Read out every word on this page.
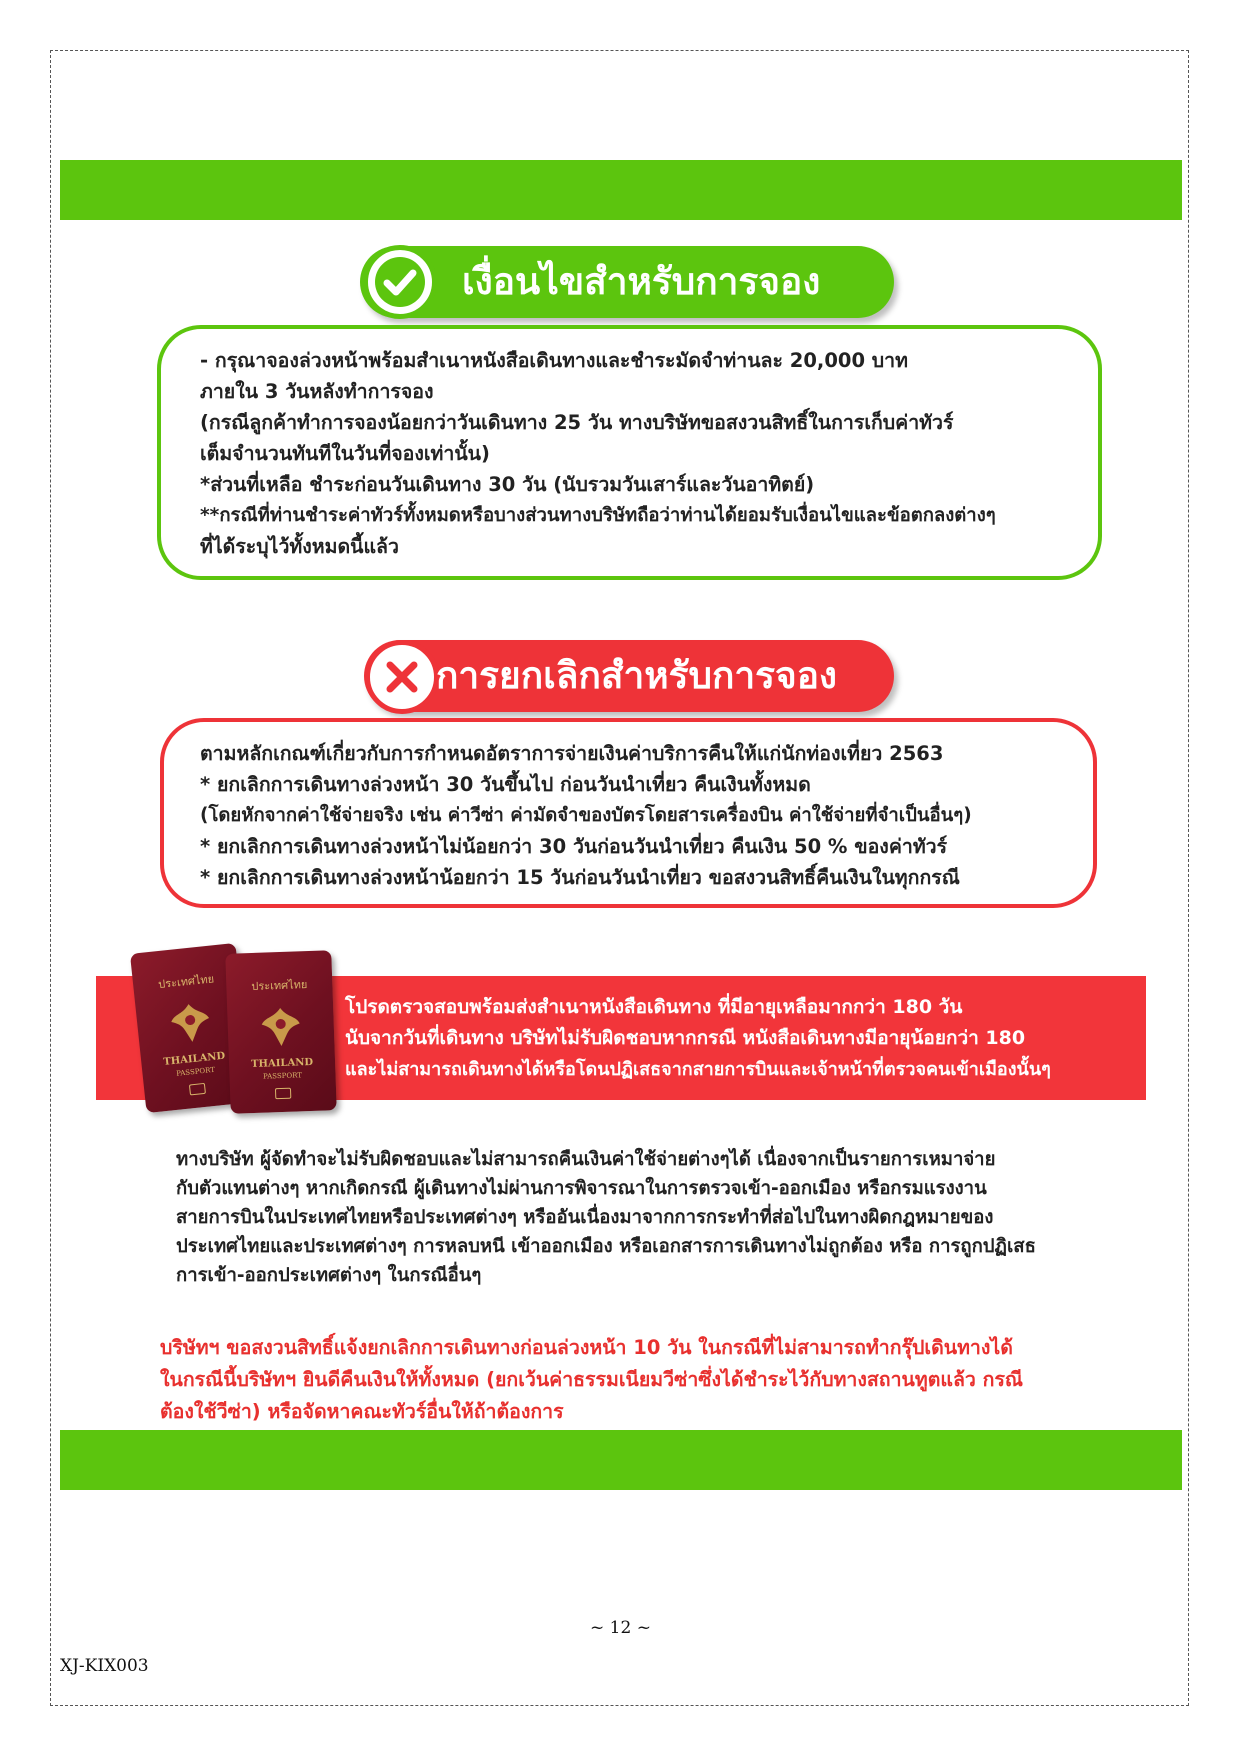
เงื่อนไขสำหรับการจอง
- กรุณาจองล่วงหน้าพร้อมสำเนาหนังสือเดินทางและชำระมัดจำท่านละ 20,000 บาท
ภายใน 3 วันหลังทำการจอง
(กรณีลูกค้าทำการจองน้อยกว่าวันเดินทาง 25 วัน ทางบริษัทขอสงวนสิทธิ์ในการเก็บค่าทัวร์
เต็มจำนวนทันทีในวันที่จองเท่านั้น)
*ส่วนที่เหลือ ชำระก่อนวันเดินทาง 30 วัน (นับรวมวันเสาร์และวันอาทิตย์)
**กรณีที่ท่านชำระค่าทัวร์ทั้งหมดหรือบางส่วนทางบริษัทถือว่าท่านได้ยอมรับเงื่อนไขและข้อตกลงต่างๆ
ที่ได้ระบุไว้ทั้งหมดนี้แล้ว
การยกเลิกสำหรับการจอง
ตามหลักเกณฑ์เกี่ยวกับการกำหนดอัตราการจ่ายเงินค่าบริการคืนให้แก่นักท่องเที่ยว 2563
* ยกเลิกการเดินทางล่วงหน้า 30 วันขึ้นไป ก่อนวันนำเที่ยว คืนเงินทั้งหมด
(โดยหักจากค่าใช้จ่ายจริง เช่น ค่าวีซ่า ค่ามัดจำของบัตรโดยสารเครื่องบิน ค่าใช้จ่ายที่จำเป็นอื่นๆ)
* ยกเลิกการเดินทางล่วงหน้าไม่น้อยกว่า 30 วันก่อนวันนำเที่ยว คืนเงิน 50 % ของค่าทัวร์
* ยกเลิกการเดินทางล่วงหน้าน้อยกว่า 15 วันก่อนวันนำเที่ยว ขอสงวนสิทธิ์คืนเงินในทุกกรณี
ประเทศไทย
THAILAND
PASSPORT
ประเทศไทย
THAILAND
PASSPORT
โปรดตรวจสอบพร้อมส่งสำเนาหนังสือเดินทาง ที่มีอายุเหลือมากกว่า 180 วัน
นับจากวันที่เดินทาง บริษัทไม่รับผิดชอบหากกรณี หนังสือเดินทางมีอายุน้อยกว่า 180
และไม่สามารถเดินทางได้หรือโดนปฏิเสธจากสายการบินและเจ้าหน้าที่ตรวจคนเข้าเมืองนั้นๆ
ทางบริษัท ผู้จัดทำจะไม่รับผิดชอบและไม่สามารถคืนเงินค่าใช้จ่ายต่างๆได้ เนื่องจากเป็นรายการเหมาจ่าย
กับตัวแทนต่างๆ หากเกิดกรณี ผู้เดินทางไม่ผ่านการพิจารณาในการตรวจเข้า-ออกเมือง หรือกรมแรงงาน
สายการบินในประเทศไทยหรือประเทศต่างๆ หรืออันเนื่องมาจากการกระทำที่ส่อไปในทางผิดกฎหมายของ
ประเทศไทยและประเทศต่างๆ การหลบหนี เข้าออกเมือง หรือเอกสารการเดินทางไม่ถูกต้อง หรือ การถูกปฏิเสธ
การเข้า-ออกประเทศต่างๆ ในกรณีอื่นๆ
บริษัทฯ ขอสงวนสิทธิ์แจ้งยกเลิกการเดินทางก่อนล่วงหน้า 10 วัน ในกรณีที่ไม่สามารถทำกรุ๊ปเดินทางได้
ในกรณีนี้บริษัทฯ ยินดีคืนเงินให้ทั้งหมด (ยกเว้นค่าธรรมเนียมวีซ่าซึ่งได้ชำระไว้กับทางสถานทูตแล้ว กรณี
ต้องใช้วีซ่า) หรือจัดหาคณะทัวร์อื่นให้ถ้าต้องการ
~ 12 ~
XJ-KIX003
